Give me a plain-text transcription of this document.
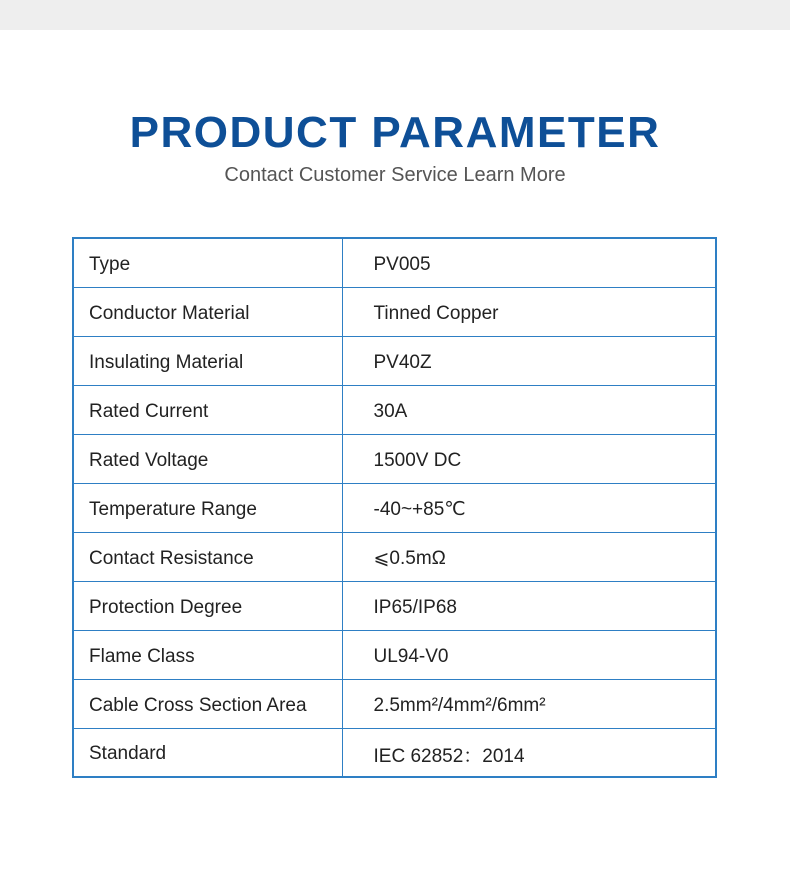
PRODUCT PARAMETER
Contact Customer Service Learn More
Type	PV005
Conductor Material	Tinned Copper
Insulating Material	PV40Z
Rated Current	30A
Rated Voltage	1500V DC
Temperature Range	-40~+85℃
Contact Resistance	⩽0.5mΩ
Protection Degree	IP65/IP68
Flame Class	UL94-V0
Cable Cross Section Area	2.5mm²/4mm²/6mm²
Standard	IEC 62852：2014
